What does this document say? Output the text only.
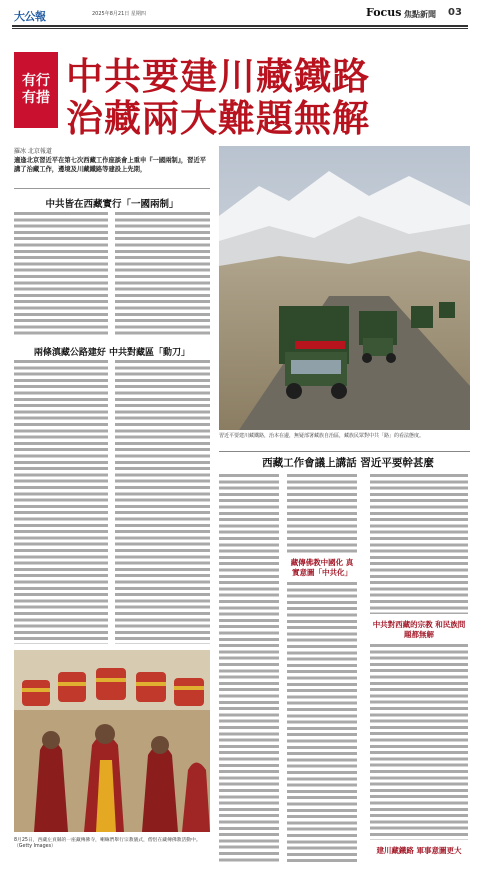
大公報	2025年8月21日 星期四	Focus 焦點新聞 03
有行
有措 中共要建川藏鐵路
治藏兩大難題無解
羅冰 北京報道
適逢北京習近平在第七次西藏工作座談會上重申『一國兩制』，習近平講了治藏工作，邊境及川藏鐵路等建設上先期，
中共皆在西藏實行「一國兩制」
兩條滇藏公路建好 中共對藏區「動刀」
習近平要建川藏鐵路，治本在邊，無疑部署藏族自治區，藏族民眾對中共「路」的看法態度。
西藏工作會議上講話 習近平要幹甚麼
藏傳佛教中國化 真實意圖「中共化」
中共對西藏的宗教 和民族問題都無解
建川藏鐵路 軍事意圖更大
8月25日，西藏左貢縣的一座藏傳佛寺，喇嘛們舉行宗教儀式，僧侶在藏傳佛教活動中。（Getty Images）
